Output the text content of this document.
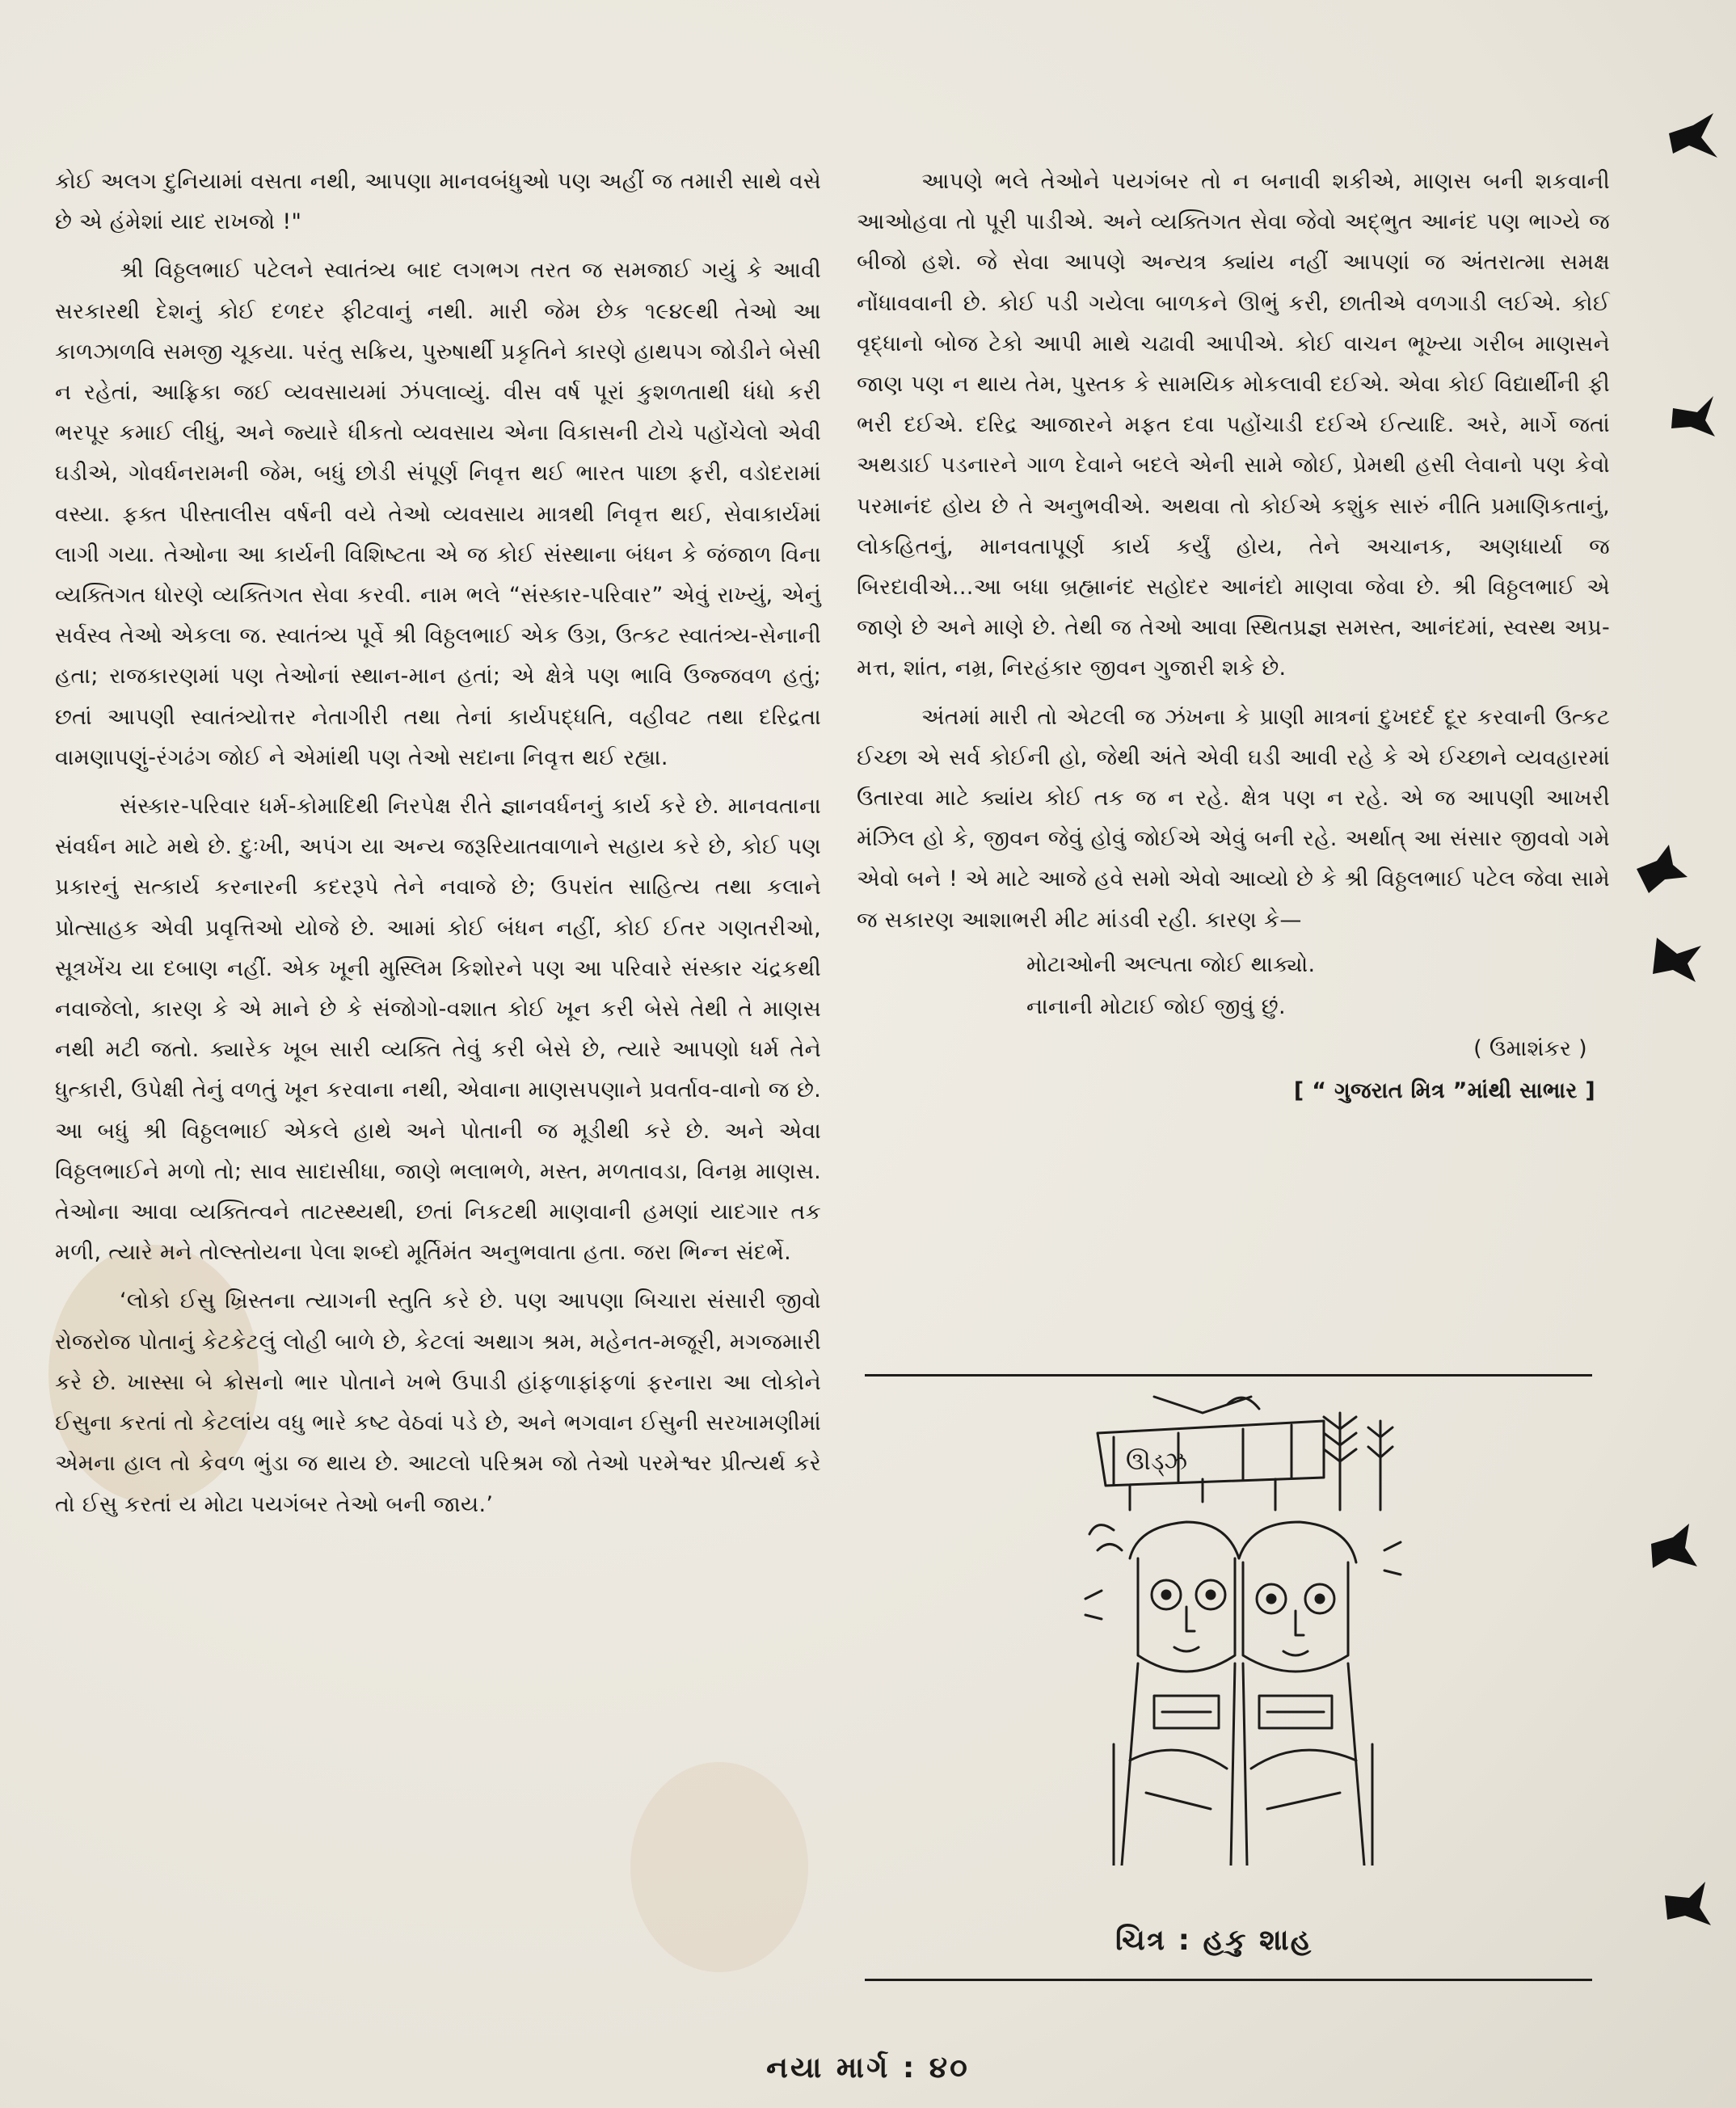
કોઈ અલગ દુનિયામાં વસતા નથી, આપણા માનવબંધુઓ પણ અહીં જ તમારી સાથે વસે છે એ હંમેશાં યાદ રાખજો !"

શ્રી વિઠ્ઠલભાઈ પટેલને સ્વાતંત્ર્ય બાદ લગભગ તરત જ સમજાઈ ગયું કે આવી સરકારથી દેશનું કોઈ દળદર ફીટવાનું નથી. મારી જેમ છેક ૧૯૪૯થી તેઓ આ કાળઝાળવિ સમજી ચૂકયા. પરંતુ સક્રિય, પુરુષાર્થી પ્રકૃતિને કારણે હાથપગ જોડીને બેસી ન રહેતાં, આફ્રિકા જઈ વ્યવસાયમાં ઝંપલાવ્યું. વીસ વર્ષ પૂરાં કુશળતાથી ધંધો કરી ભરપૂર કમાઈ લીધું, અને જ્યારે ધીકતો વ્યવસાય એના વિકાસની ટોચે પહોંચેલો એવી ઘડીએ, ગોવર્ધનરામની જેમ, બધું છોડી સંપૂર્ણ નિવૃત્ત થઈ ભારત પાછા ફરી, વડોદરામાં વસ્યા. ફક્ત પીસ્તાલીસ વર્ષની વયે તેઓ વ્યવસાય માત્રથી નિવૃત્ત થઈ, સેવાકાર્યમાં લાગી ગયા. તેઓના આ કાર્યની વિશિષ્ટતા એ જ કોઈ સંસ્થાના બંધન કે જંજાળ વિના વ્યક્તિગત ધોરણે વ્યક્તિગત સેવા કરવી. નામ ભલે “સંસ્કાર-પરિવાર” એવું રાખ્યું, એનું સર્વસ્વ તેઓ એકલા જ. સ્વાતંત્ર્ય પૂર્વે શ્રી વિઠ્ઠલભાઈ એક ઉગ્ર, ઉત્કટ સ્વાતંત્ર્ય-સેનાની હતા; રાજકારણમાં પણ તેઓનાં સ્થાન-માન હતાં; એ ક્ષેત્રે પણ ભાવિ ઉજ્જવળ હતું; છતાં આપણી સ્વાતંત્ર્યોત્તર નેતાગીરી તથા તેનાં કાર્યપદ્ધતિ, વહીવટ તથા દરિદ્રતા વામણાપણું-રંગઢંગ જોઈ ને એમાંથી પણ તેઓ સદાના નિવૃત્ત થઈ રહ્યા.

સંસ્કાર-પરિવાર ધર્મ-કોમાદિથી નિરપેક્ષ રીતે જ્ઞાનવર્ધનનું કાર્ય કરે છે. માનવતાના સંવર્ધન માટે મથે છે. દુઃખી, અપંગ યા અન્ય જરૂરિયાતવાળાને સહાય કરે છે, કોઈ પણ પ્રકારનું સત્કાર્ય કરનારની કદરરૂપે તેને નવાજે છે; ઉપરાંત સાહિત્ય તથા કલાને પ્રોત્સાહક એવી પ્રવૃત્તિઓ યોજે છે. આમાં કોઈ બંધન નહીં, કોઈ ઈતર ગણતરીઓ, સૂત્રખેંચ યા દબાણ નહીં. એક ખૂની મુસ્લિમ કિશોરને પણ આ પરિવારે સંસ્કાર ચંદ્રકથી નવાજેલો, કારણ કે એ માને છે કે સંજોગો-વશાત કોઈ ખૂન કરી બેસે તેથી તે માણસ નથી મટી જતો. ક્યારેક ખૂબ સારી વ્યક્તિ તેવું કરી બેસે છે, ત્યારે આપણો ધર્મ તેને ધુત્કારી, ઉપેક્ષી તેનું વળતું ખૂન કરવાના નથી, એવાના માણસપણાને પ્રવર્તાવ-વાનો જ છે. આ બધું શ્રી વિઠ્ઠલભાઈ એકલે હાથે અને પોતાની જ મૂડીથી કરે છે. અને એવા વિઠ્ઠલભાઈને મળો તો; સાવ સાદાસીધા, જાણે ભલાભળે, મસ્ત, મળતાવડા, વિનમ્ર માણસ. તેઓના આવા વ્યક્તિત્વને તાટસ્થ્યથી, છતાં નિકટથી માણવાની હમણાં યાદગાર તક મળી, ત્યારે મને તોલ્સ્તોયના પેલા શબ્દો મૂર્તિમંત અનુભવાતા હતા. જરા ભિન્ન સંદર્ભે.

‘લોકો ઈસુ ખ્રિસ્તના ત્યાગની સ્તુતિ કરે છે. પણ આપણા બિચારા સંસારી જીવો રોજરોજ પોતાનું કેટકેટલું લોહી બાળે છે, કેટલાં અથાગ શ્રમ, મહેનત-મજૂરી, મગજમારી કરે છે. ખાસ્સા બે ક્રોસનો ભાર પોતાને ખભે ઉપાડી હાંફળાફાંફળાં ફરનારા આ લોકોને ઈસુના કરતાં તો કેટલાંય વધુ ભારે કષ્ટ વેઠવાં પડે છે, અને ભગવાન ઈસુની સરખામણીમાં એમના હાલ તો કેવળ ભુંડા જ થાય છે. આટલો પરિશ્રમ જો તેઓ પરમેશ્વર પ્રીત્યર્થ કરે તો ઈસુ કરતાં ય મોટા પયગંબર તેઓ બની જાય.’

આપણે ભલે તેઓને પયગંબર તો ન બનાવી શકીએ, માણસ બની શકવાની આઓહવા તો પૂરી પાડીએ. અને વ્યક્તિગત સેવા જેવો અદ્‌ભુત આનંદ પણ ભાગ્યે જ બીજો હશે. જે સેવા આપણે અન્યત્ર ક્યાંય નહીં આપણાં જ અંતરાત્મા સમક્ષ નોંધાવવાની છે. કોઈ પડી ગયેલા બાળકને ઊભું કરી, છાતીએ વળગાડી લઈએ. કોઈ વૃદ્ધાનો બોજ ટેકો આપી માથે ચઢાવી આપીએ. કોઈ વાચન ભૂખ્યા ગરીબ માણસને જાણ પણ ન થાય તેમ, પુસ્તક કે સામયિક મોકલાવી દઈએ. એવા કોઈ વિદ્યાર્થીની ફી ભરી દઈએ. દરિદ્ર આજારને મફત દવા પહોંચાડી દઈએ ઈત્યાદિ. અરે, માર્ગે જતાં અથડાઈ પડનારને ગાળ દેવાને બદલે એની સામે જોઈ, પ્રેમથી હસી લેવાનો પણ કેવો પરમાનંદ હોય છે તે અનુભવીએ. અથવા તો કોઈએ કશુંક સારું નીતિ પ્રમાણિકતાનું, લોકહિતનું, માનવતાપૂર્ણ કાર્ય કર્યું હોય, તેને અચાનક, અણધાર્યા જ બિરદાવીએ...આ બધા બ્રહ્માનંદ સહોદર આનંદો માણવા જેવા છે. શ્રી વિઠ્ઠલભાઈ એ જાણે છે અને માણે છે. તેથી જ તેઓ આવા સ્થિતપ્રજ્ઞ સમસ્ત, આનંદમાં, સ્વસ્થ અપ્ર-મત્ત, શાંત, નમ્ર, નિરહંકાર જીવન ગુજારી શકે છે.

અંતમાં મારી તો એટલી જ ઝંખના કે પ્રાણી માત્રનાં દુખદર્દ દૂર કરવાની ઉત્કટ ઈચ્છા એ સર્વ કોઈની હો, જેથી અંતે એવી ઘડી આવી રહે કે એ ઈચ્છાને વ્યવહારમાં ઉતારવા માટે ક્યાંય કોઈ તક જ ન રહે. ક્ષેત્ર પણ ન રહે. એ જ આપણી આખરી મંઝિલ હો કે, જીવન જેવું હોવું જોઈએ એવું બની રહે. અર્થાત્ આ સંસાર જીવવો ગમે એવો બને ! એ માટે આજે હવે સમો એવો આવ્યો છે કે શ્રી વિઠ્ઠલભાઈ પટેલ જેવા સામે જ સકારણ આશાભરી મીટ માંડવી રહી. કારણ કે—

મોટાઓની અલ્પતા જોઈ થાક્યો.
નાનાની મોટાઈ જોઈ જીવું છું.
( ઉમાશંકર )
[ “ ગુજરાત મિત્ર ”માંથી સાભાર ]
ઊડ્ઝ
ચિત્ર : હકુ શાહ
નયા માર્ગ : ૪૦
